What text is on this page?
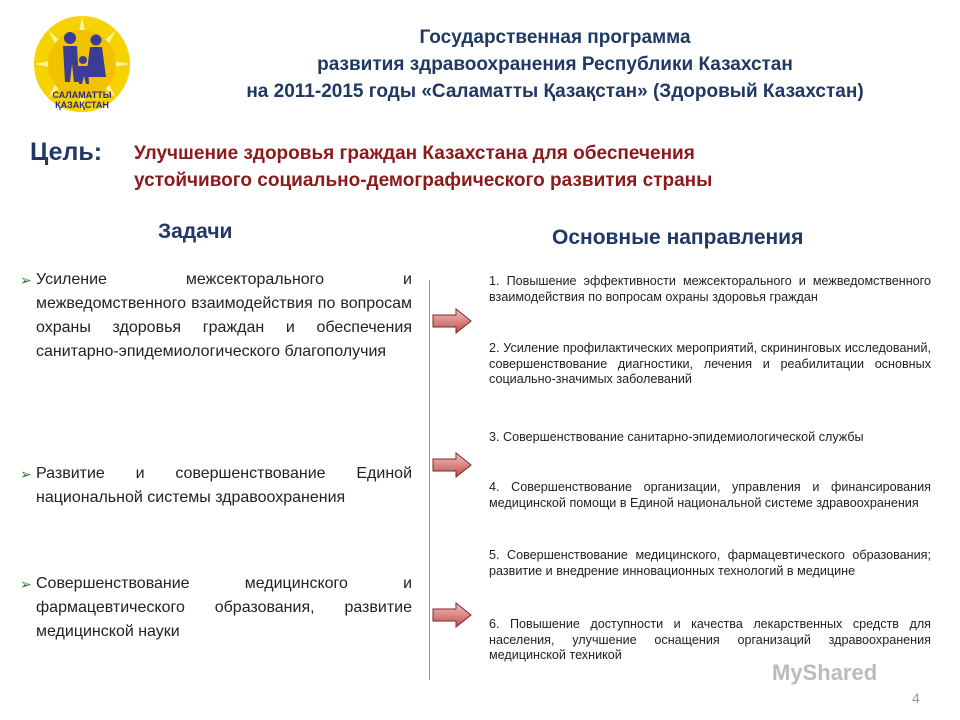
САЛАМАТТЫ
ҚАЗАҚСТАН
Государственная программа
развития здравоохранения Республики Казахстан
на 2011-2015 годы «Саламатты Қазақстан» (Здоровый Казахстан)
Цель: Улучшение здоровья граждан Казахстана для обеспечения
устойчивого социально-демографического развития страны
Задачи	Основные направления
➢ Усиление межсекторального и межведомственного взаимодействия по вопросам охраны здоровья граждан и обеспечения санитарно-эпидемиологического благополучия
➢ Развитие и совершенствование Единой национальной системы здравоохранения
➢ Совершенствование медицинского и фармацевтического образования, развитие медицинской науки
1. Повышение эффективности межсекторального и межведомственного взаимодействия по вопросам охраны здоровья граждан
2. Усиление профилактических мероприятий, скрининговых исследований, совершенствование диагностики, лечения и реабилитации основных социально-значимых заболеваний
3. Совершенствование санитарно-эпидемиологической службы
4. Совершенствование организации, управления и финансирования медицинской помощи в Единой национальной системе здравоохранения
5. Совершенствование медицинского, фармацевтического образования; развитие и внедрение инновационных технологий в медицине
6. Повышение доступности и качества лекарственных средств для населения, улучшение оснащения организаций здравоохранения медицинской техникой
MyShared
4
